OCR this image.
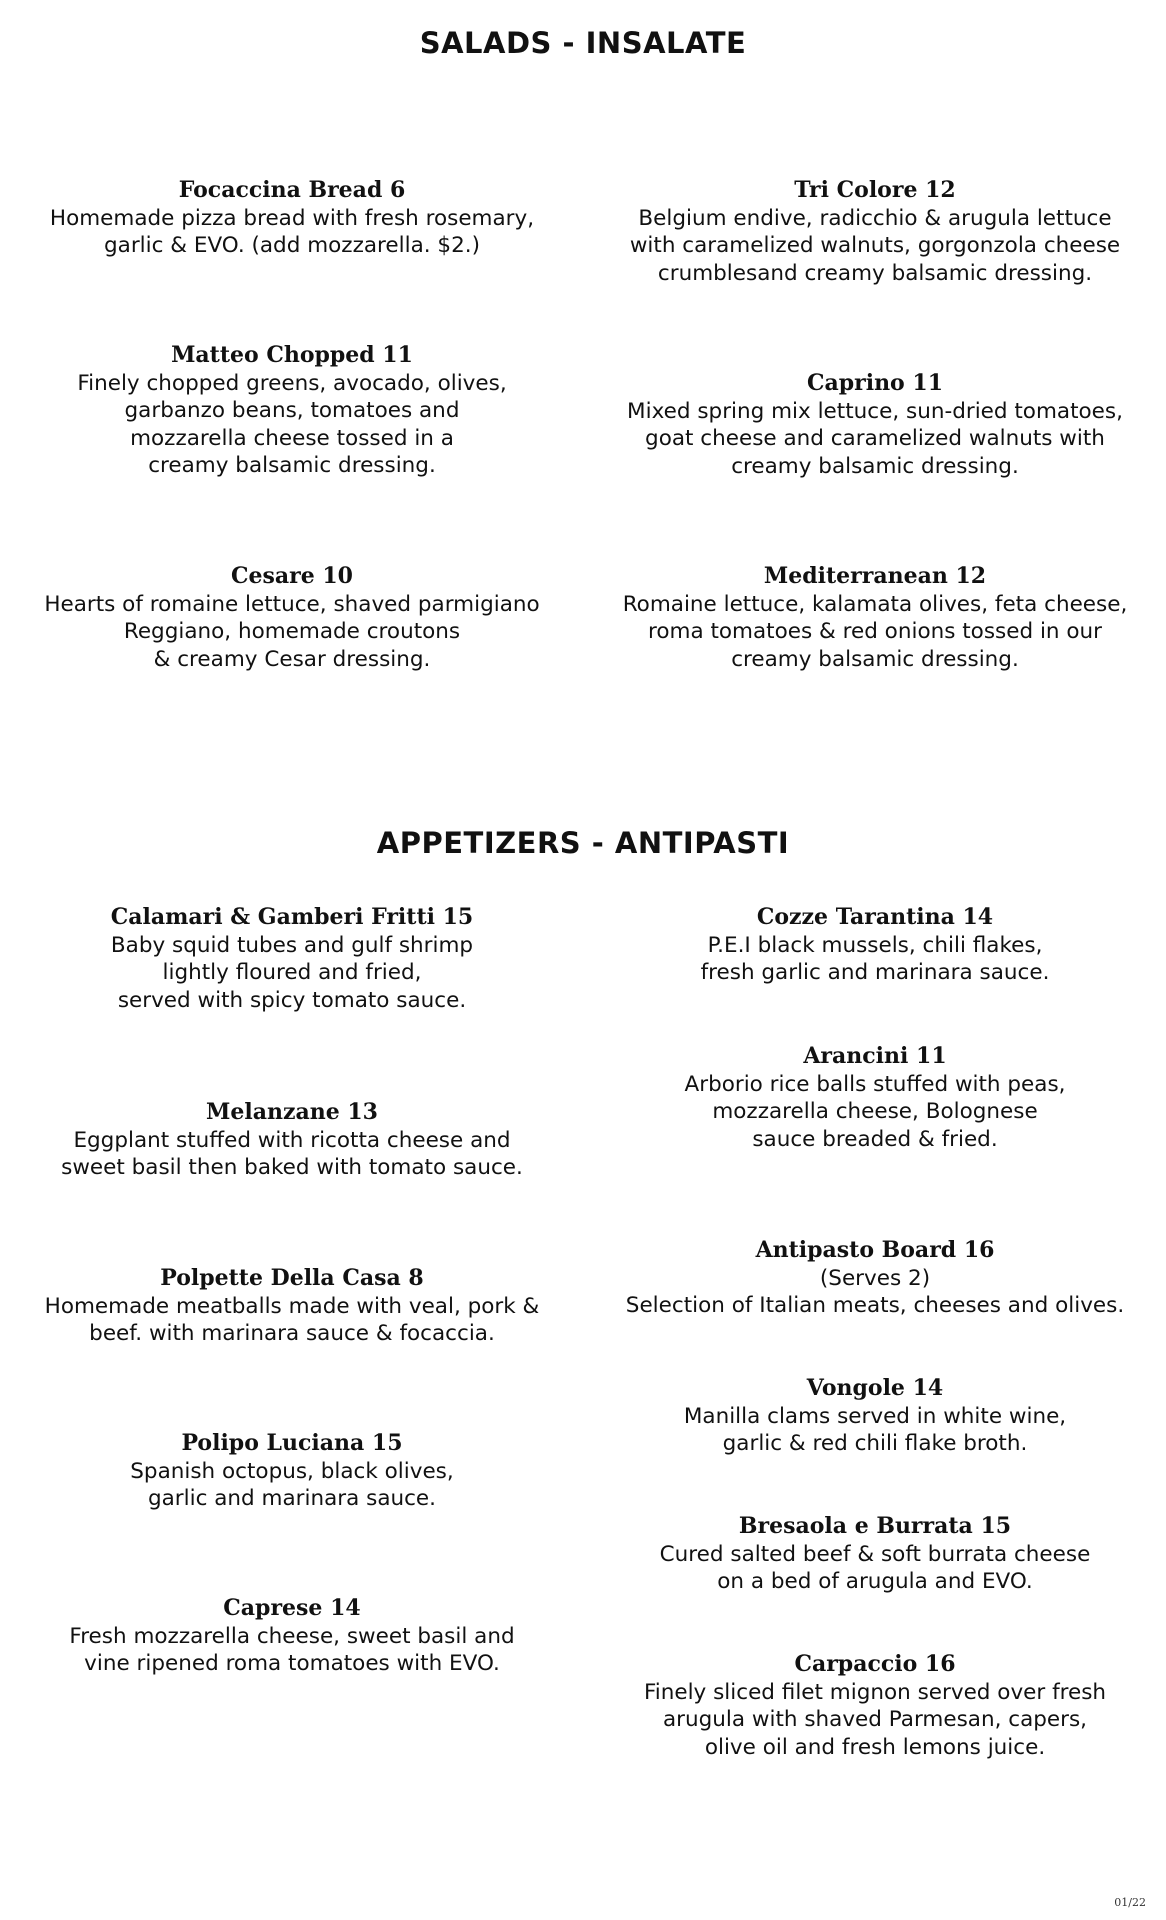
SALADS - INSALATE
Focaccina Bread 6
Homemade pizza bread with fresh rosemary,
garlic & EVO. (add mozzarella. $2.)
Tri Colore 12
Belgium endive, radicchio & arugula lettuce
with caramelized walnuts, gorgonzola cheese
crumblesand creamy balsamic dressing.
Matteo Chopped 11
Finely chopped greens, avocado, olives,
garbanzo beans, tomatoes and
mozzarella cheese tossed in a
creamy balsamic dressing.
Caprino 11
Mixed spring mix lettuce, sun-dried tomatoes,
goat cheese and caramelized walnuts with
creamy balsamic dressing.
Cesare 10
Hearts of romaine lettuce, shaved parmigiano
Reggiano, homemade croutons
& creamy Cesar dressing.
Mediterranean 12
Romaine lettuce, kalamata olives, feta cheese,
roma tomatoes & red onions tossed in our
creamy balsamic dressing.
APPETIZERS - ANTIPASTI
Calamari & Gamberi Fritti 15
Baby squid tubes and gulf shrimp
lightly floured and fried,
served with spicy tomato sauce.
Cozze Tarantina 14
P.E.I black mussels, chili flakes,
fresh garlic and marinara sauce.
Arancini 11
Arborio rice balls stuffed with peas,
mozzarella cheese, Bolognese
sauce breaded & fried.
Melanzane 13
Eggplant stuffed with ricotta cheese and
sweet basil then baked with tomato sauce.
Antipasto Board 16
(Serves 2)
Selection of Italian meats, cheeses and olives.
Polpette Della Casa 8
Homemade meatballs made with veal, pork &
beef. with marinara sauce & focaccia.
Vongole 14
Manilla clams served in white wine,
garlic & red chili flake broth.
Polipo Luciana 15
Spanish octopus, black olives,
garlic and marinara sauce.
Bresaola e Burrata 15
Cured salted beef & soft burrata cheese
on a bed of arugula and EVO.
Caprese 14
Fresh mozzarella cheese, sweet basil and
vine ripened roma tomatoes with EVO.	Carpaccio 16
Finely sliced filet mignon served over fresh
arugula with shaved Parmesan, capers,
olive oil and fresh lemons juice.
01/22
